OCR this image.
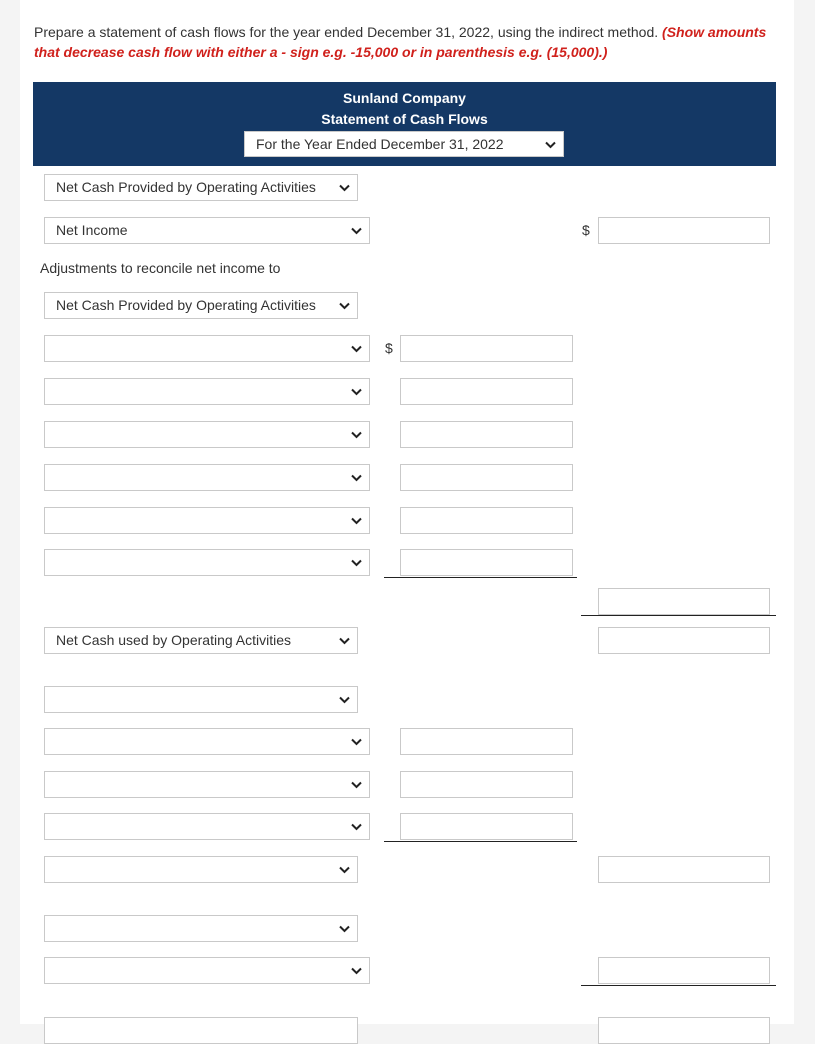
Prepare a statement of cash flows for the year ended December 31, 2022, using the indirect method. (Show amounts that decrease cash flow with either a - sign e.g. -15,000 or in parenthesis e.g. (15,000).)
Sunland Company
Statement of Cash Flows
For the Year Ended December 31, 2022
Net Cash Provided by Operating Activities
Net Income	$
Adjustments to reconcile net income to
Net Cash Provided by Operating Activities
$
Net Cash used by Operating Activities
